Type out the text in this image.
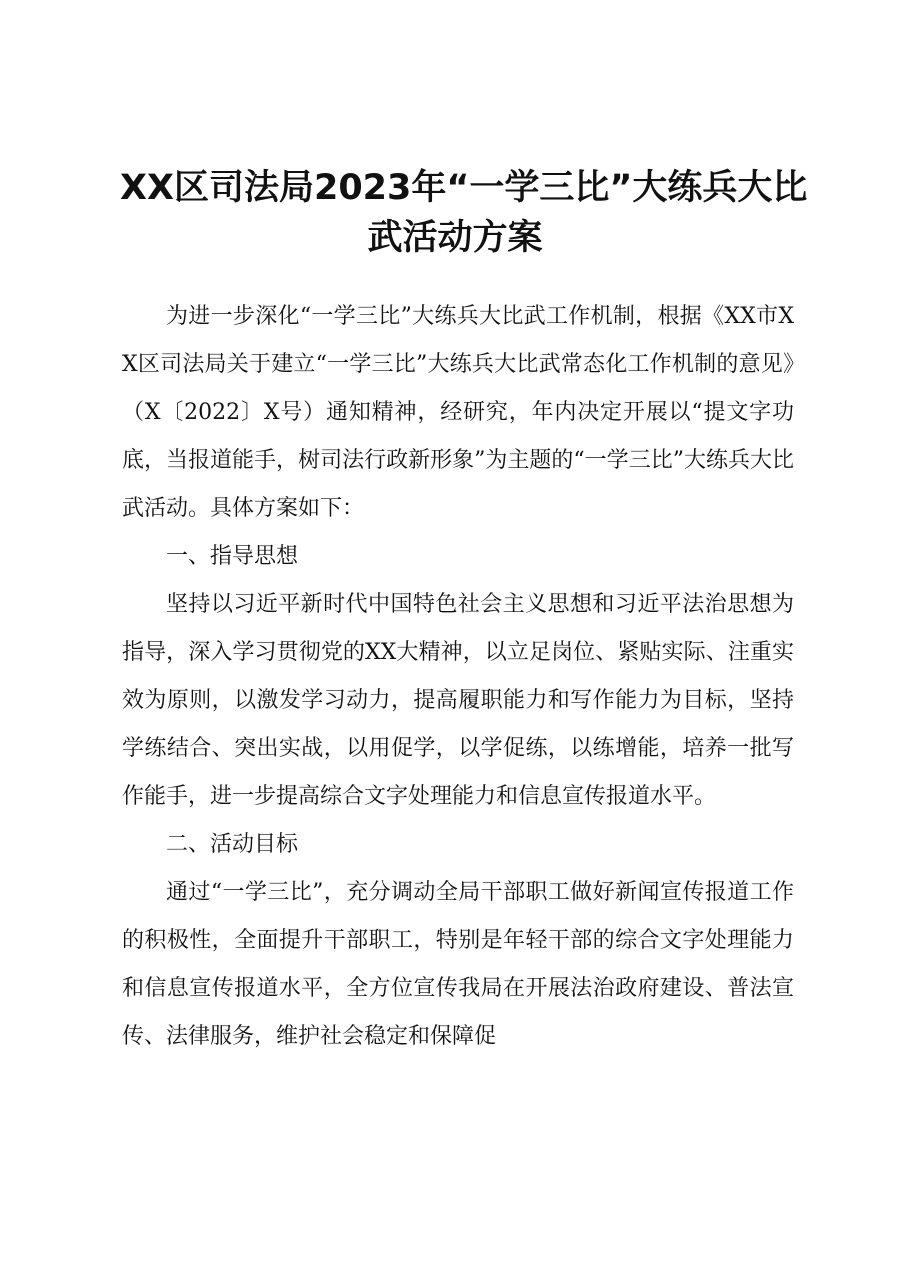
XX区司法局2023年“一学三比”大练兵大比
武活动方案

为进一步深化“一学三比”大练兵大比武工作机制，根据《XX市XX区司法局关于建立“一学三比”大练兵大比武常态化工作机制的意见》（X〔2022〕X号）通知精神，经研究，年内决定开展以“提文字功底，当报道能手，树司法行政新形象”为主题的“一学三比”大练兵大比武活动。具体方案如下：

一、指导思想

坚持以习近平新时代中国特色社会主义思想和习近平法治思想为指导，深入学习贯彻党的XX大精神，以立足岗位、紧贴实际、注重实效为原则，以激发学习动力，提高履职能力和写作能力为目标，坚持学练结合、突出实战，以用促学，以学促练，以练增能，培养一批写作能手，进一步提高综合文字处理能力和信息宣传报道水平。

二、活动目标

通过“一学三比”，充分调动全局干部职工做好新闻宣传报道工作的积极性，全面提升干部职工，特别是年轻干部的综合文字处理能力和信息宣传报道水平，全方位宣传我局在开展法治政府建设、普法宣传、法律服务，维护社会稳定和保障促
